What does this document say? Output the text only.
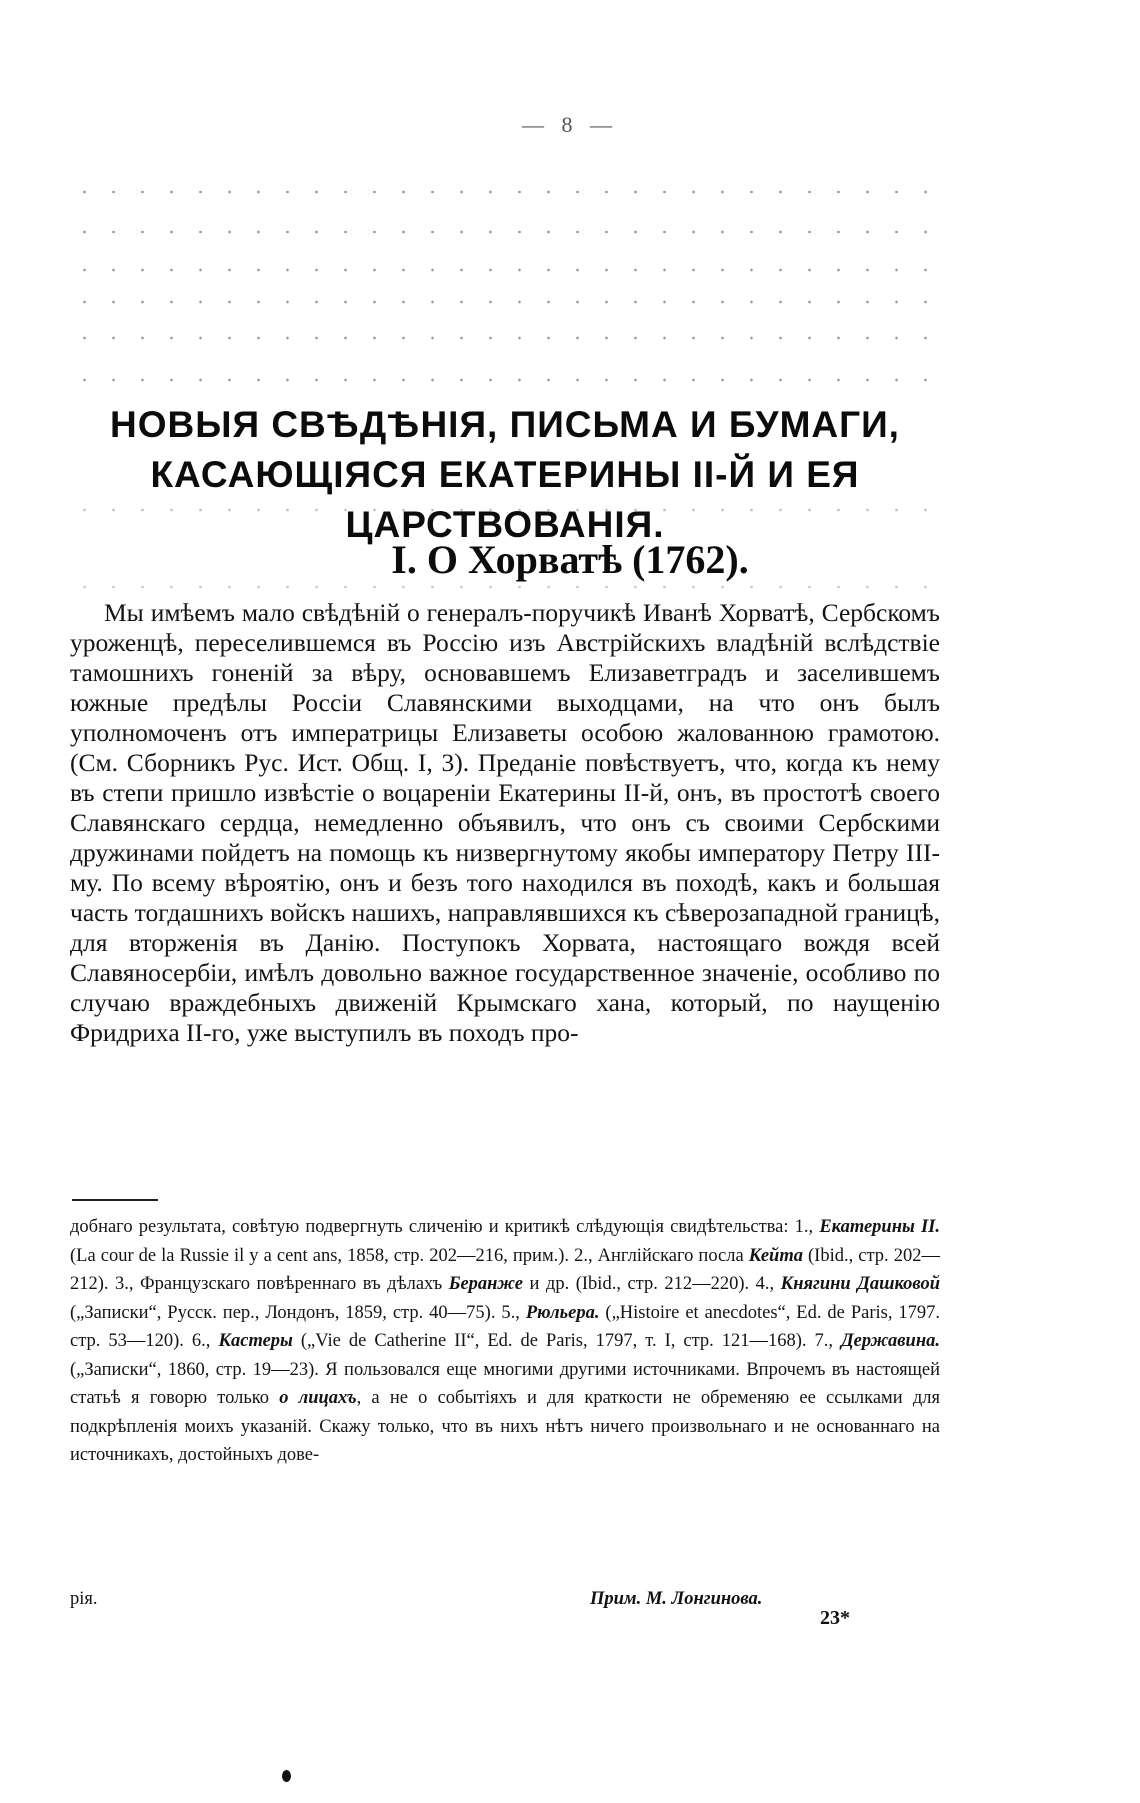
— 8 —
НОВЫЯ СВѢДѢНІЯ, ПИСЬМА И БУМАГИ, КАСАЮЩІЯСЯ ЕКАТЕРИНЫ II-Й И ЕЯ ЦАРСТВОВАНІЯ.
I. О Хорватѣ (1762).

Мы имѣемъ мало свѣдѣній о генералъ-поручикѣ Иванѣ Хорватѣ, Сербскомъ уроженцѣ, переселившемся въ Россію изъ Австрійскихъ владѣній вслѣдствіе тамошнихъ гоненій за вѣру, основавшемъ Елизаветградъ и заселившемъ южные предѣлы Россіи Славянскими выходцами, на что онъ былъ уполномоченъ отъ императрицы Елизаветы особою жалованною грамотою. (См. Сборникъ Рус. Ист. Общ. I, 3). Преданіе повѣствуетъ, что, когда къ нему въ степи пришло извѣстіе о воцареніи Екатерины II-й, онъ, въ простотѣ своего Славянскаго сердца, немедленно объявилъ, что онъ съ своими Сербскими дружинами пойдетъ на помощь къ низвергнутому якобы императору Петру III-му. По всему вѣроятію, онъ и безъ того находился въ походѣ, какъ и большая часть тогдашнихъ войскъ нашихъ, направлявшихся къ сѣверозападной границѣ, для вторженія въ Данію. Поступокъ Хорвата, настоящаго вождя всей Славяносербіи, имѣлъ довольно важное государственное значеніе, особливо по случаю враждебныхъ движеній Крымскаго хана, который, по наущенію Фридриха II-го, уже выступилъ въ походъ про-

добнаго результата, совѣтую подвергнуть сличенію и критикѣ слѣдующія свидѣтельства: 1., Екатерины II. (La cour de la Russie il y a cent ans, 1858, стр. 202—216, прим.). 2., Англійскаго посла Кейта (Ibid., стр. 202—212). 3., Французскаго повѣреннаго въ дѣлахъ Беранже и др. (Ibid., стр. 212—220). 4., Княгини Дашковой („Записки“, Русск. пер., Лондонъ, 1859, стр. 40—75). 5., Рюльера. („Histoire et anecdotes“, Ed. de Paris, 1797. стр. 53—120). 6., Кастеры („Vie de Catherine II“, Ed. de Paris, 1797, т. I, стр. 121—168). 7., Державина. („Записки“, 1860, стр. 19—23). Я пользовался еще многими другими источниками. Впрочемъ въ настоящей статьѣ я говорю только о лицахъ, а не о событіяхъ и для краткости не обременяю ее ссылками для подкрѣпленія моихъ указаній. Скажу только, что въ нихъ нѣтъ ничего произвольнаго и не основаннаго на источникахъ, достойныхъ дове-

рія.	Прим. М. Лонгинова.
23*
